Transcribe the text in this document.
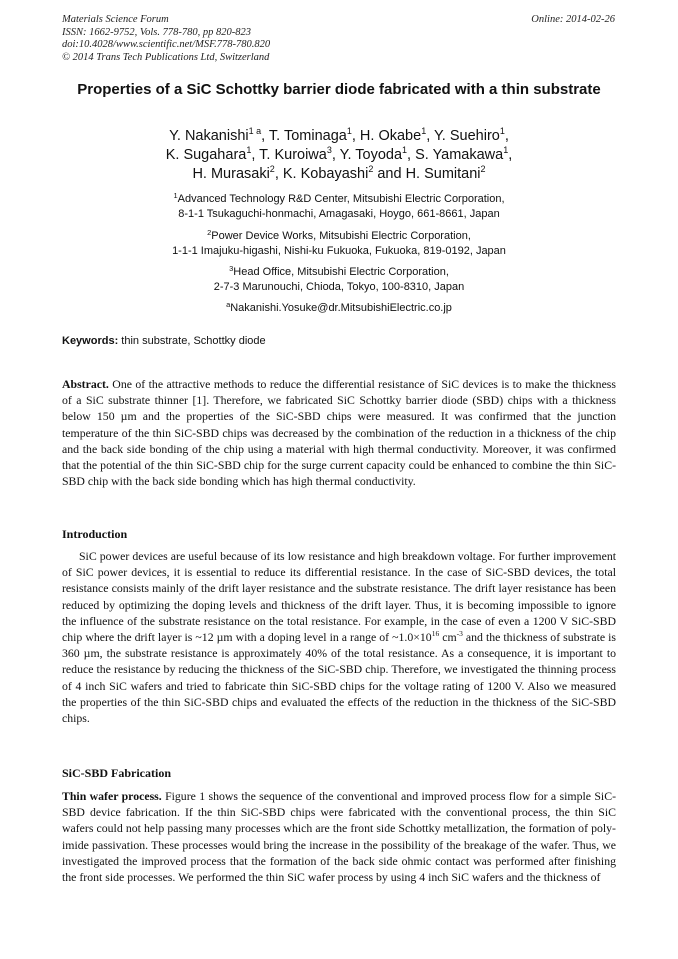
Materials Science Forum
ISSN: 1662-9752, Vols. 778-780, pp 820-823
doi:10.4028/www.scientific.net/MSF.778-780.820
© 2014 Trans Tech Publications Ltd, Switzerland
Online: 2014-02-26
Properties of a SiC Schottky barrier diode fabricated with a thin substrate
Y. Nakanishi$^{1 a}$, T. Tominaga$^1$, H. Okabe$^1$, Y. Suehiro$^1$,
K. Sugahara$^1$, T. Kuroiwa$^3$, Y. Toyoda$^1$, S. Yamakawa$^1$,
H. Murasaki$^2$, K. Kobayashi$^2$ and H. Sumitani$^2$
$^1$Advanced Technology R&D Center, Mitsubishi Electric Corporation,
8-1-1 Tsukaguchi-honmachi, Amagasaki, Hoygo, 661-8661, Japan
$^2$Power Device Works, Mitsubishi Electric Corporation,
1-1-1 Imajuku-higashi, Nishi-ku Fukuoka, Fukuoka, 819-0192, Japan
$^3$Head Office, Mitsubishi Electric Corporation,
2-7-3 Marunouchi, Chioda, Tokyo, 100-8310, Japan
$^a$Nakanishi.Yosuke@dr.MitsubishiElectric.co.jp
Keywords: thin substrate, Schottky diode
Abstract. One of the attractive methods to reduce the differential resistance of SiC devices is to make the thickness of a SiC substrate thinner [1]. Therefore, we fabricated SiC Schottky barrier diode (SBD) chips with a thickness below 150 µm and the properties of the SiC-SBD chips were measured. It was confirmed that the junction temperature of the thin SiC-SBD chips was decreased by the combination of the reduction in a thickness of the chip and the back side bonding of the chip using a material with high thermal conductivity. Moreover, it was confirmed that the potential of the thin SiC-SBD chip for the surge current capacity could be enhanced to combine the thin SiC-SBD chip with the back side bonding which has high thermal conductivity.
Introduction
SiC power devices are useful because of its low resistance and high breakdown voltage. For further improvement of SiC power devices, it is essential to reduce its differential resistance. In the case of SiC-SBD devices, the total resistance consists mainly of the drift layer resistance and the substrate resistance. The drift layer resistance has been reduced by optimizing the doping levels and thickness of the drift layer. Thus, it is becoming impossible to ignore the influence of the substrate resistance on the total resistance. For example, in the case of even a 1200 V SiC-SBD chip where the drift layer is ~12 µm with a doping level in a range of $\sim 1.0\times 10^{16}$ $cm^{-3}$ and the thickness of substrate is 360 µm, the substrate resistance is approximately 40% of the total resistance. As a consequence, it is important to reduce the resistance by reducing the thickness of the SiC-SBD chip. Therefore, we investigated the thinning process of 4 inch SiC wafers and tried to fabricate thin SiC-SBD chips for the voltage rating of 1200 V. Also we measured the properties of the thin SiC-SBD chips and evaluated the effects of the reduction in the thickness of the SiC-SBD chips.
SiC-SBD Fabrication
Thin wafer process. Figure 1 shows the sequence of the conventional and improved process flow for a simple SiC-SBD device fabrication. If the thin SiC-SBD chips were fabricated with the conventional process, the thin SiC wafers could not help passing many processes which are the front side Schottky metallization, the formation of poly-imide passivation. These processes would bring the increase in the possibility of the breakage of the wafer. Thus, we investigated the improved process that the formation of the back side ohmic contact was performed after finishing the front side processes. We performed the thin SiC wafer process by using 4 inch SiC wafers and the thickness of
